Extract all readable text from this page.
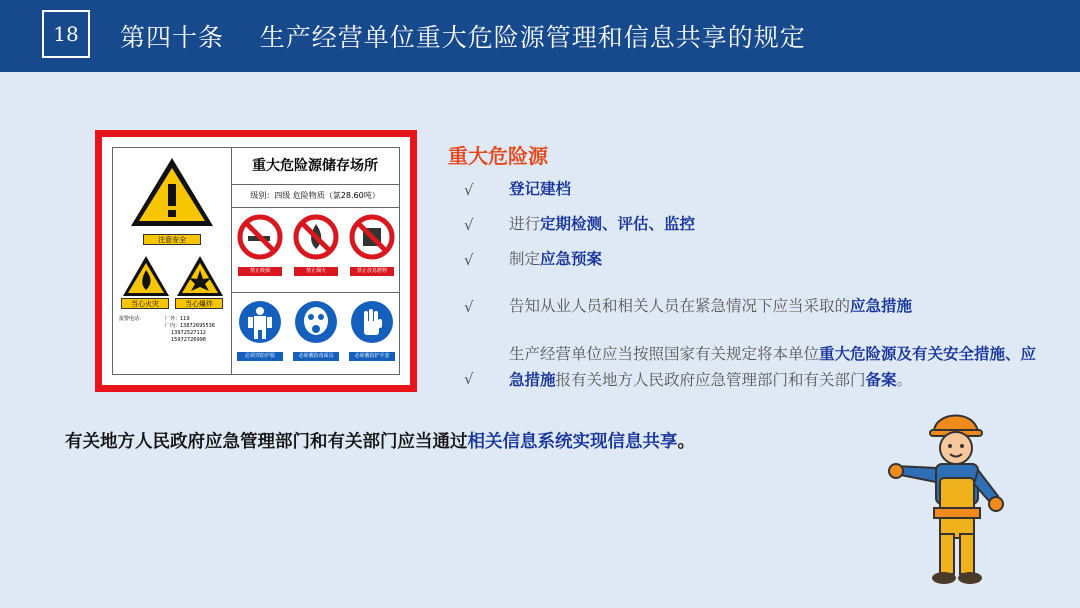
18	第四十条    生产经营单位重大危险源管理和信息共享的规定
注意安全
当心火灾	当心爆炸
报警电话：	厂外：119
厂内：13872695536
13972527112
15972726998
重大危险源储存场所
级别：四级 危险物质（氯28.60吨）
禁止吸烟	禁止烟火	禁止放易燃物
必须穿防护服	必须戴防毒面具	必须戴防护手套
重大危险源
√ 登记建档
√ 进行定期检测、评估、监控
√ 制定应急预案
√ 告知从业人员和相关人员在紧急情况下应当采取的应急措施
√
生产经营单位应当按照国家有关规定将本单位重大危险源及有关安全措施、应急措施报有关地方人民政府应急管理部门和有关部门备案。
有关地方人民政府应急管理部门和有关部门应当通过相关信息系统实现信息共享。
